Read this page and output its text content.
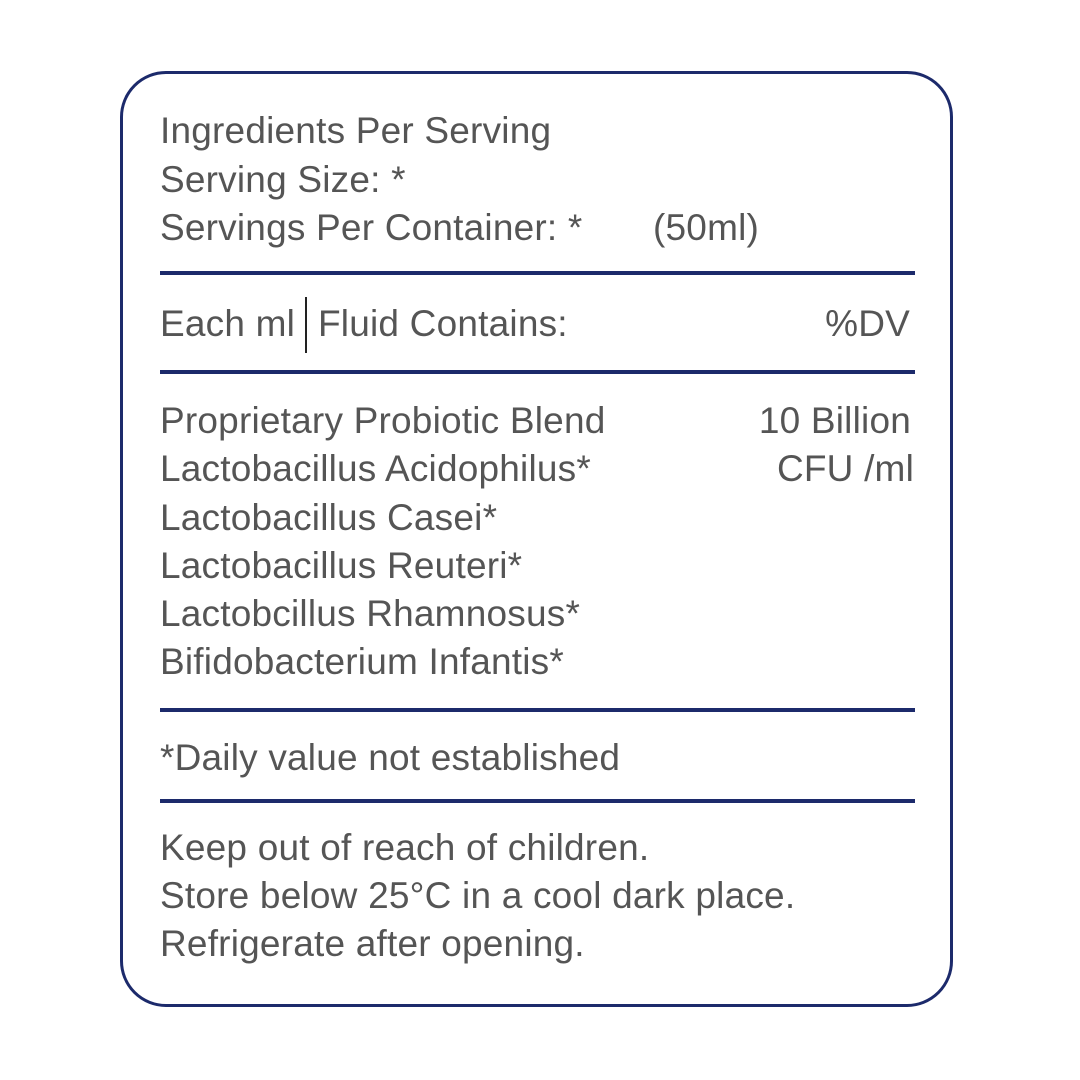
Ingredients Per Serving
Serving Size: *
Servings Per Container: * (50ml)
Each ml Fluid Contains:	%DV
Proprietary Probiotic Blend
Lactobacillus Acidophilus*
Lactobacillus Casei*
Lactobacillus Reuteri*
Lactobcillus Rhamnosus*
Bifidobacterium Infantis*
10 Billion
CFU /ml
*Daily value not established
Keep out of reach of children.
Store below 25°C in a cool dark place.
Refrigerate after opening.
